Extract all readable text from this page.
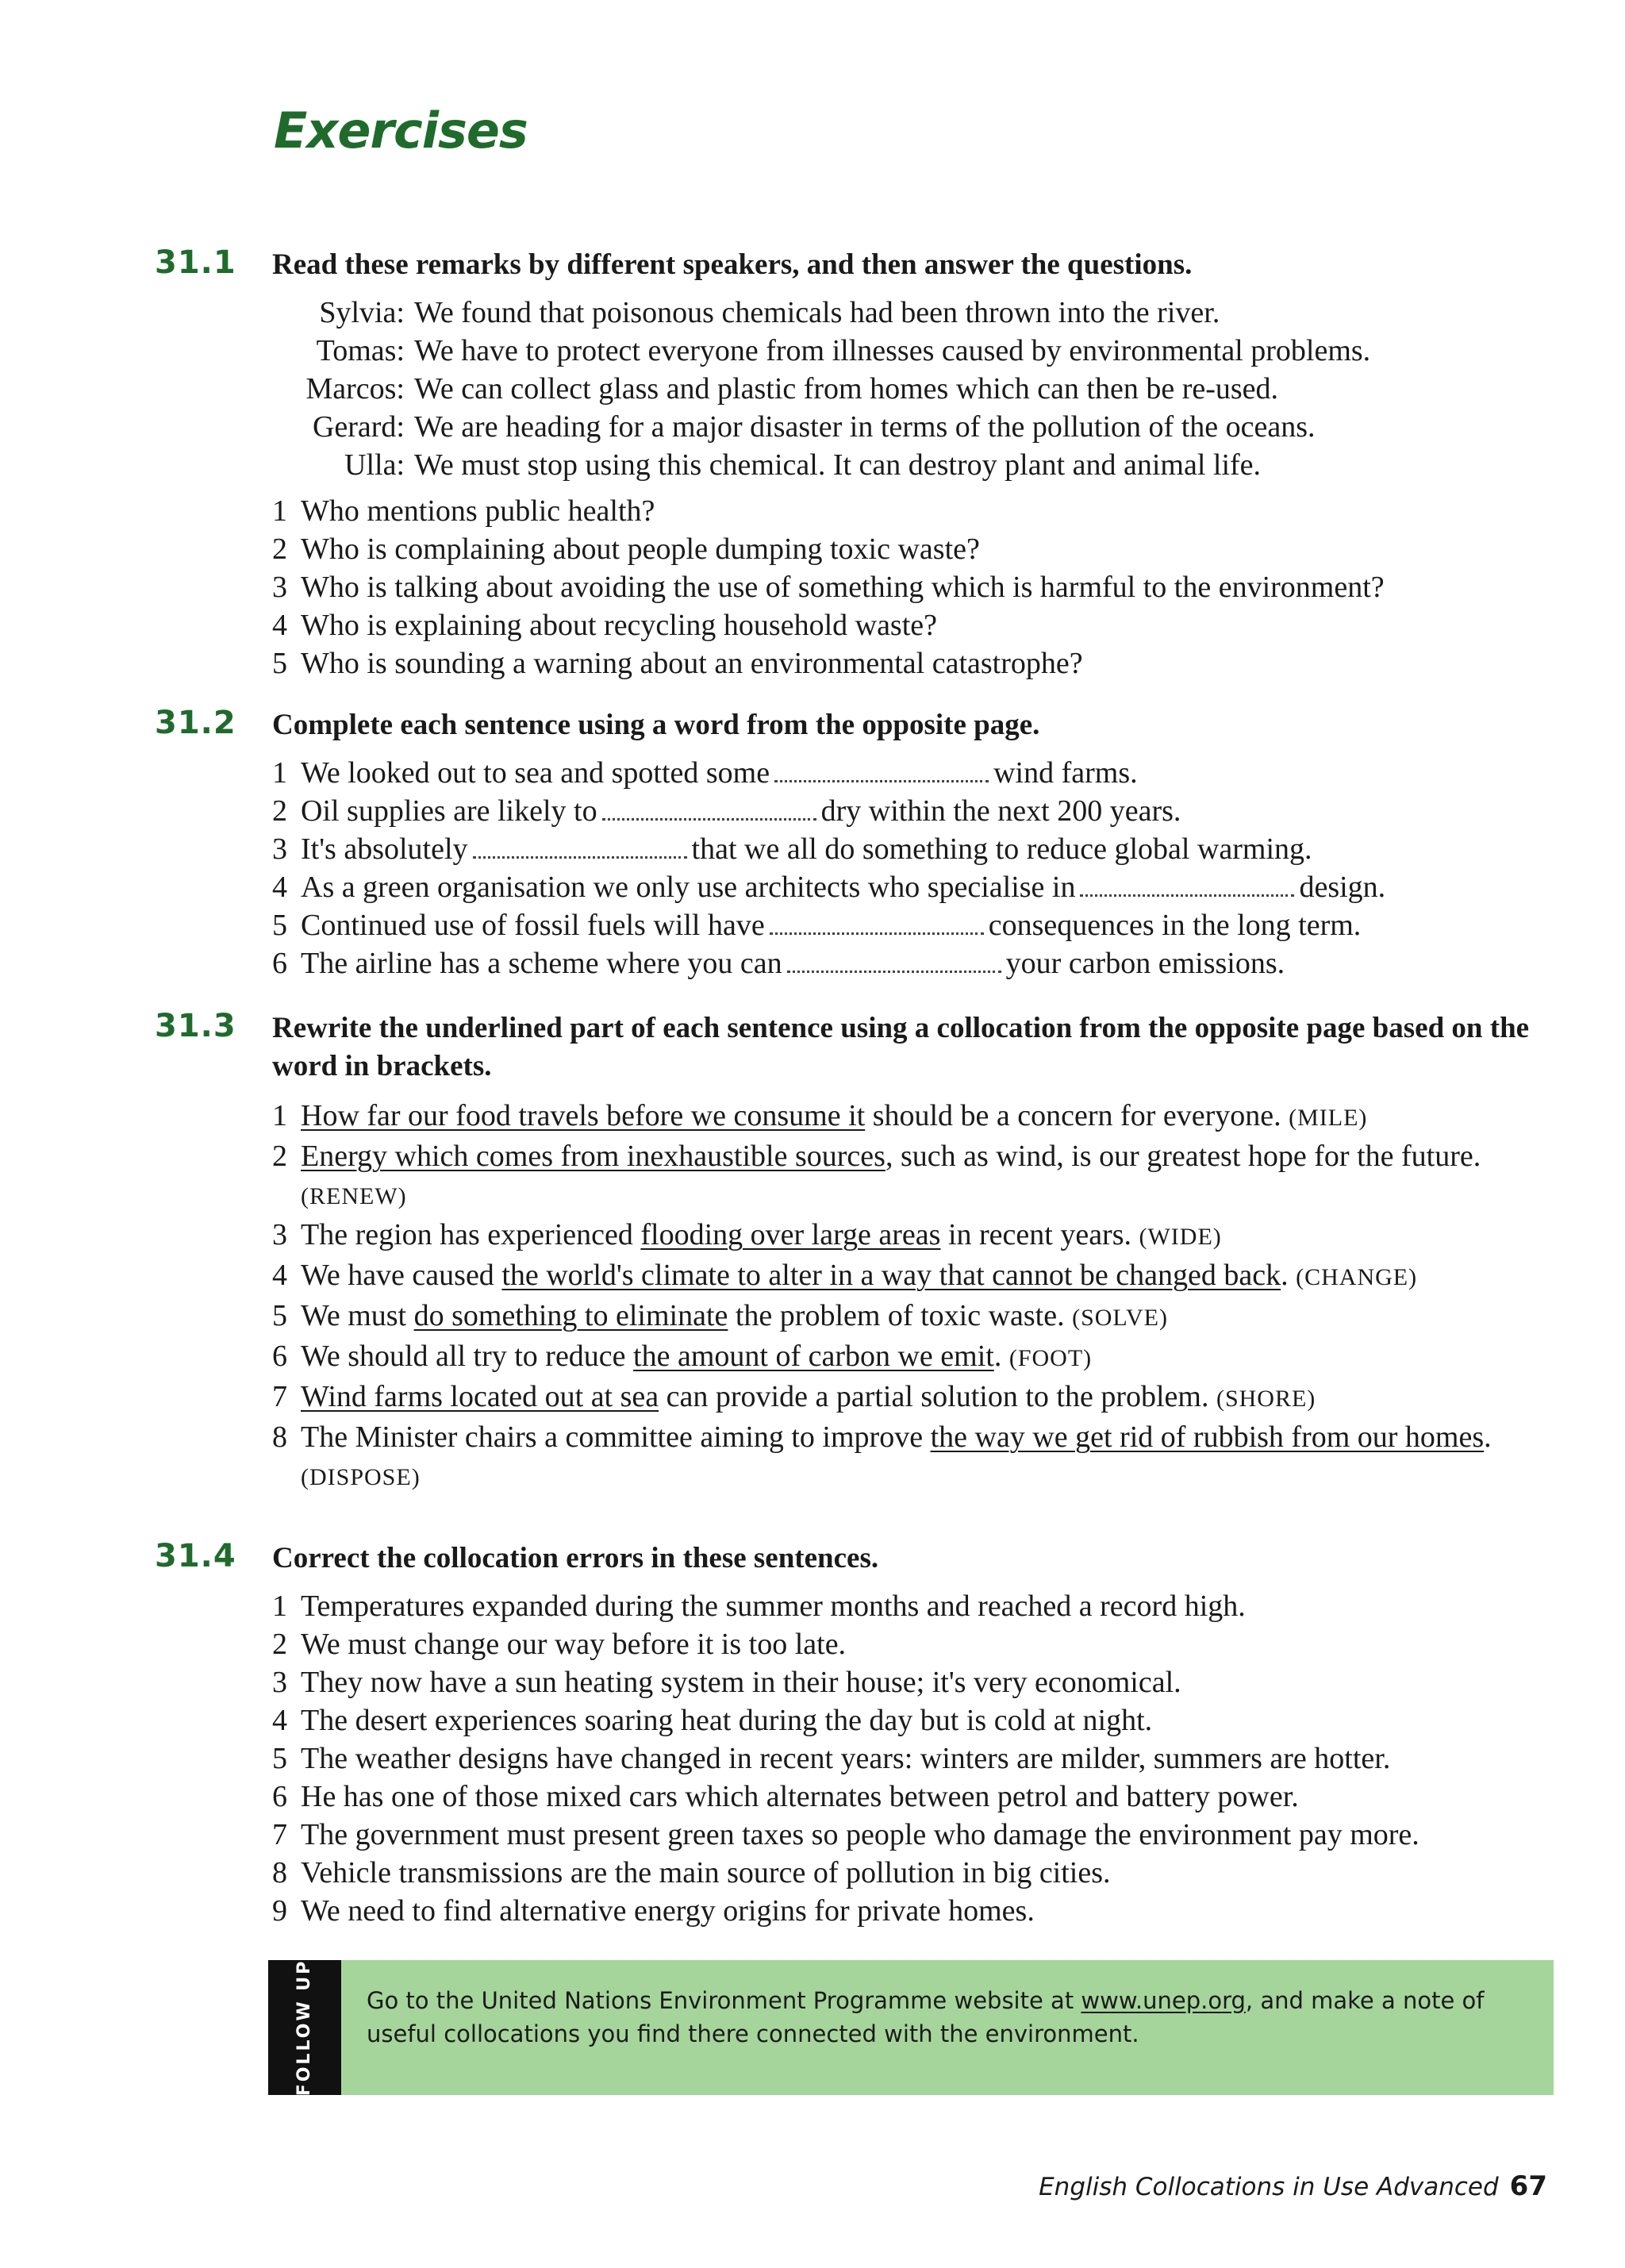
Exercises
31.1 Read these remarks by different speakers, and then answer the questions.
Sylvia: We found that poisonous chemicals had been thrown into the river.
Tomas: We have to protect everyone from illnesses caused by environmental problems.
Marcos: We can collect glass and plastic from homes which can then be re-used.
Gerard: We are heading for a major disaster in terms of the pollution of the oceans.
Ulla: We must stop using this chemical. It can destroy plant and animal life.
1 Who mentions public health?
2 Who is complaining about people dumping toxic waste?
3 Who is talking about avoiding the use of something which is harmful to the environment?
4 Who is explaining about recycling household waste?
5 Who is sounding a warning about an environmental catastrophe?
31.2 Complete each sentence using a word from the opposite page.
1 We looked out to sea and spotted some	wind farms.
2 Oil supplies are likely to	dry within the next 200 years.
3 It's absolutely	that we all do something to reduce global warming.
4 As a green organisation we only use architects who specialise in	design.
5 Continued use of fossil fuels will have	consequences in the long term.
6 The airline has a scheme where you can	your carbon emissions.
31.3 Rewrite the underlined part of each sentence using a collocation from the opposite page based on the word in brackets.
1 How far our food travels before we consume it should be a concern for everyone. (MILE)
2 Energy which comes from inexhaustible sources, such as wind, is our greatest hope for the future. (RENEW)
3 The region has experienced flooding over large areas in recent years. (WIDE)
4 We have caused the world's climate to alter in a way that cannot be changed back. (CHANGE)
5 We must do something to eliminate the problem of toxic waste. (SOLVE)
6 We should all try to reduce the amount of carbon we emit. (FOOT)
7 Wind farms located out at sea can provide a partial solution to the problem. (SHORE)
8 The Minister chairs a committee aiming to improve the way we get rid of rubbish from our homes. (DISPOSE)
31.4 Correct the collocation errors in these sentences.
1 Temperatures expanded during the summer months and reached a record high.
2 We must change our way before it is too late.
3 They now have a sun heating system in their house; it's very economical.
4 The desert experiences soaring heat during the day but is cold at night.
5 The weather designs have changed in recent years: winters are milder, summers are hotter.
6 He has one of those mixed cars which alternates between petrol and battery power.
7 The government must present green taxes so people who damage the environment pay more.
8 Vehicle transmissions are the main source of pollution in big cities.
9 We need to find alternative energy origins for private homes.
FOLLOW UP	Go to the United Nations Environment Programme website at www.unep.org, and make a note of useful collocations you find there connected with the environment.
English Collocations in Use Advanced 67
